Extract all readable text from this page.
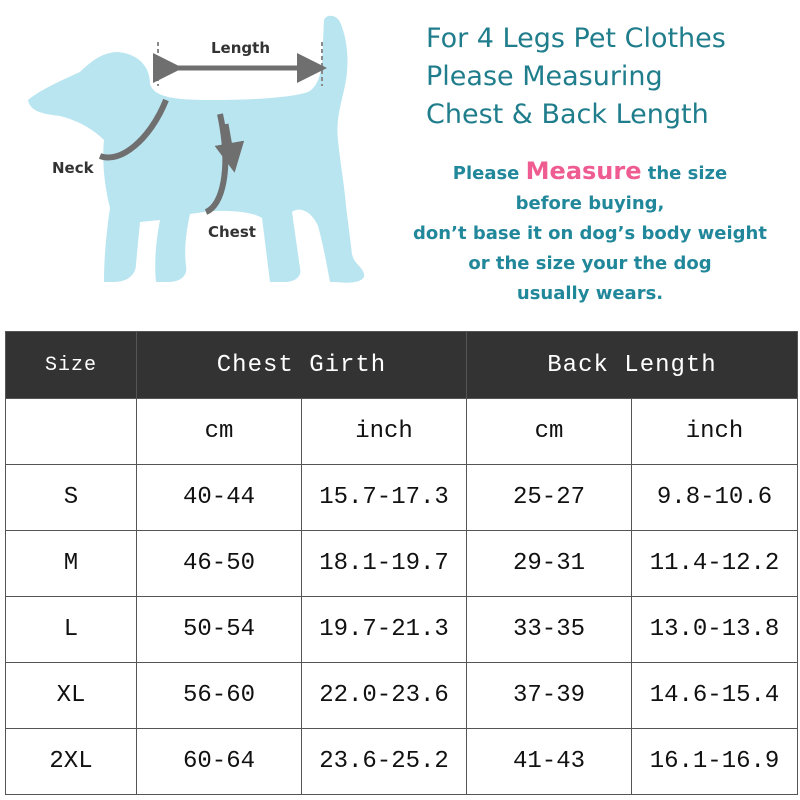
Length
Neck
Chest
For 4 Legs Pet Clothes
Please Measuring
Chest & Back Length
Please Measure the size
before buying,
don’t base it on dog’s body weight
or the size your the dog
usually wears.
Size	Chest Girth		Back Length	
	cm	inch	cm	inch
S	40-44	15.7-17.3	25-27	9.8-10.6
M	46-50	18.1-19.7	29-31	11.4-12.2
L	50-54	19.7-21.3	33-35	13.0-13.8
XL	56-60	22.0-23.6	37-39	14.6-15.4
2XL	60-64	23.6-25.2	41-43	16.1-16.9
